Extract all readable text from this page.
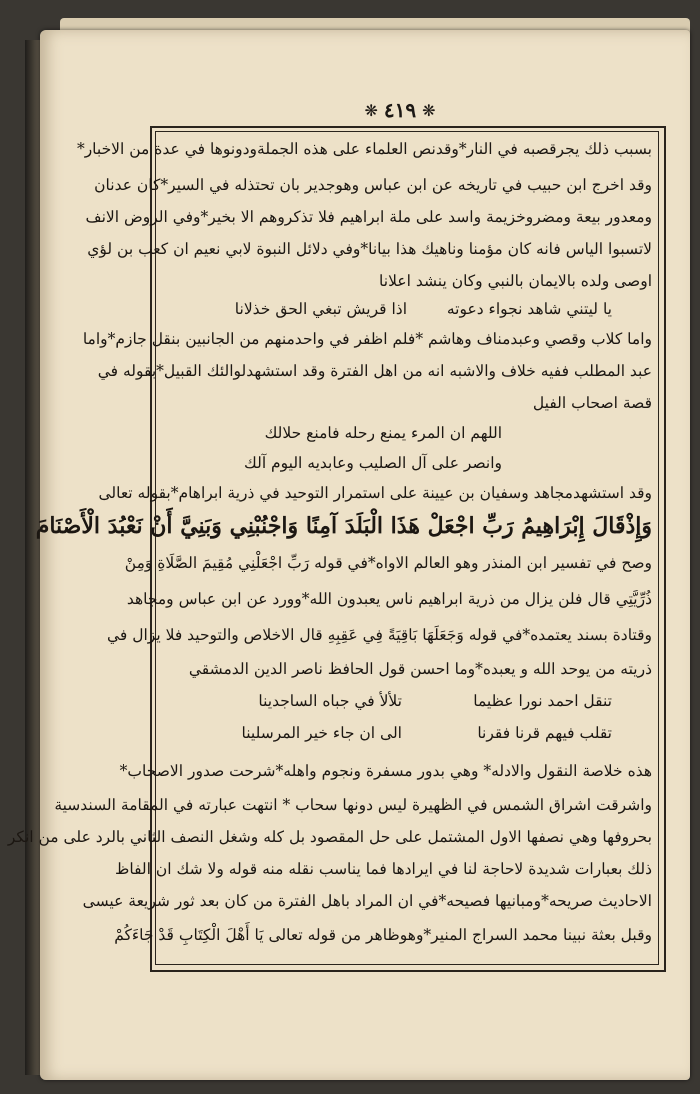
❋ ٤١٩ ❋
بسبب ذلك يجرقصبه في النار*وقدنص العلماء على هذه الجملةودونوها في عدة من الاخبار*
وقد اخرج ابن حبيب في تاريخه عن ابن عباس وهوجدير بان تحتذله في السير*كان عدنان
ومعدور بيعة ومضروخزيمة واسد على ملة ابراهيم فلا تذكروهم الا بخير*وفي الروض الانف
لاتسبوا الياس فانه كان مؤمنا وناهيك هذا بيانا*وفي دلائل النبوة لابي نعيم ان كعب بن لؤي
اوصى ولده بالايمان بالنبي وكان ينشد اعلانا
يا ليتني شاهد نجواء دعوته
اذا قريش تبغي الحق خذلانا
واما كلاب وقصي وعبدمناف وهاشم *فلم اظفر في واحدمنهم من الجانبين بنقل جازم*واما
عبد المطلب ففيه خلاف والاشبه انه من اهل الفترة وقد استشهدلوالئك القبيل*بقوله في
قصة اصحاب الفيل
اللهم ان المرء يمنع رحله فامنع حلالك
وانصر على آل الصليب وعابديه اليوم آلك
وقد استشهدمجاهد وسفيان بن عيينة على استمرار التوحيد في ذرية ابراهام*بقوله تعالى
وَإِذْقَالَ إِبْرَاهِيمُ رَبِّ اجْعَلْ هَذَا الْبَلَدَ آمِنًا وَاجْنُبْنِي وَبَنِيَّ أَنْ نَعْبُدَ الْأَصْنَامَ
وصح في تفسير ابن المنذر وهو العالم الاواه*في قوله رَبِّ اجْعَلْنِي مُقِيمَ الصَّلَاةِ وَمِنْ
ذُرِّيَّتِي قال فلن يزال من ذرية ابراهيم ناس يعبدون الله*وورد عن ابن عباس ومجاهد
وقتادة بسند يعتمده*في قوله وَجَعَلَهَا بَاقِيَةً فِي عَقِبِهِ قال الاخلاص والتوحيد فلا يزال في
ذريته من يوحد الله و يعبده*وما احسن قول الحافظ ناصر الدين الدمشقي
تنقل احمد نورا عظيما
تلألأ في جباه الساجدينا
تقلب فيهم قرنا فقرنا
الى ان جاء خير المرسلينا
هذه خلاصة النقول والادله* وهي بدور مسفرة ونجوم واهله*شرحت صدور الاصحاب*
واشرقت اشراق الشمس في الظهيرة ليس دونها سحاب * انتهت عبارته في المقامة السندسية
بحروفها وهي نصفها الاول المشتمل على حل المقصود بل كله وشغل النصف الثاني بالرد على من انكر
ذلك بعبارات شديدة لاحاجة لنا في ايرادها فما يناسب نقله منه قوله ولا شك ان الفاظ
الاحاديث صريحه*ومبانيها فصيحه*في ان المراد باهل الفترة من كان بعد ثور شريعة عيسى
وقبل بعثة نبينا محمد السراج المنير*وهوظاهر من قوله تعالى يَا أَهْلَ الْكِتَابِ قَدْ جَاءَكُمْ
